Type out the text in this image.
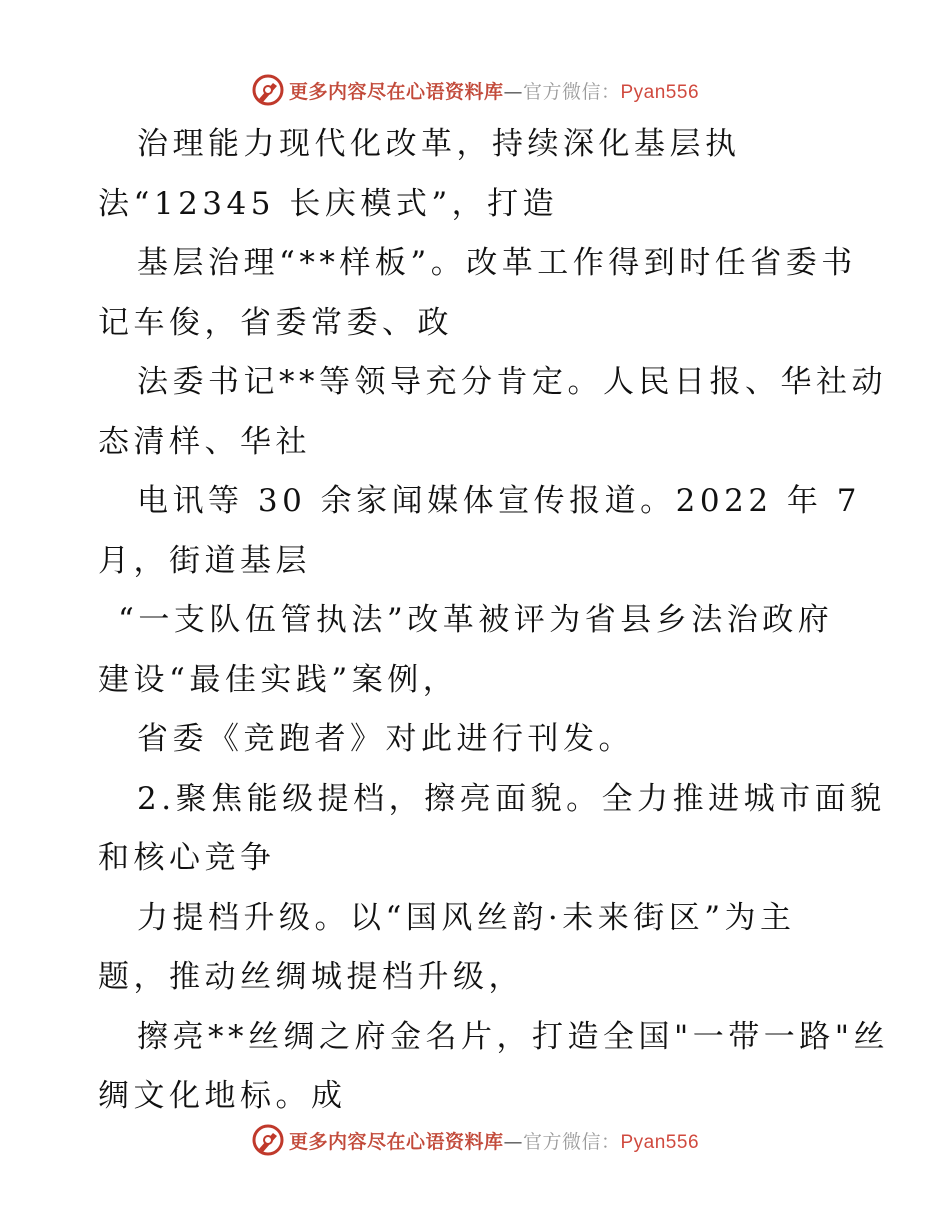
更多内容尽在心语资料库—官方微信：Pyan556
治理能力现代化改革，持续深化基层执
法“12345 长庆模式”，打造
基层治理“**样板”。改革工作得到时任省委书
记车俊，省委常委、政
法委书记**等领导充分肯定。人民日报、华社动
态清样、华社
电讯等 30 余家闻媒体宣传报道。2022 年 7
月，街道基层
“一支队伍管执法”改革被评为省县乡法治政府
建设“最佳实践”案例，
省委《竞跑者》对此进行刊发。
2.聚焦能级提档，擦亮面貌。全力推进城市面貌
和核心竞争
力提档升级。以“国风丝韵·未来街区”为主
题，推动丝绸城提档升级，
擦亮**丝绸之府金名片，打造全国"一带一路"丝
绸文化地标。成
更多内容尽在心语资料库—官方微信：Pyan556
